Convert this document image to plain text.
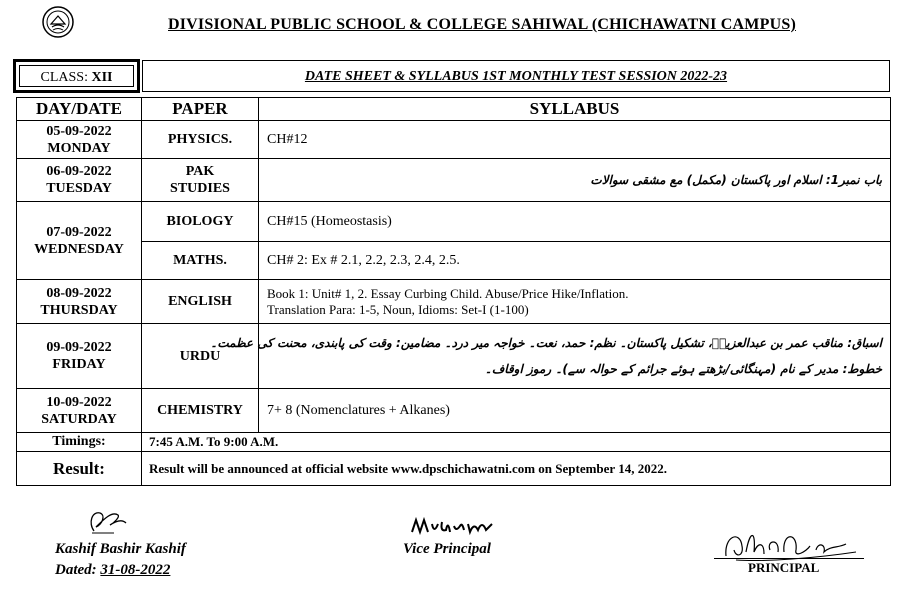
DIVISIONAL PUBLIC SCHOOL & COLLEGE SAHIWAL (CHICHAWATNI CAMPUS)
CLASS: XII	DATE SHEET & SYLLABUS 1ST MONTHLY TEST SESSION 2022-23
DAY/DATE	PAPER	SYLLABUS
05-09-2022
MONDAY	PHYSICS.	CH#12
06-09-2022
TUESDAY	PAK STUDIES	باب نمبر1: اسلام اور پاکستان (مکمل) مع مشقی سوالات

07-09-2022
WEDNESDAY	BIOLOGY	CH#15 (Homeostasis)
	MATHS.	CH# 2: Ex # 2.1, 2.2, 2.3, 2.4, 2.5.
08-09-2022
THURSDAY	ENGLISH	Book 1: Unit# 1, 2. Essay Curbing Child. Abuse/Price Hike/Inflation.
Translation Para: 1-5, Noun, Idioms: Set-I (1-100)
09-09-2022
FRIDAY	URDU	اسباق: مناقب عمر بن عبدالعزیزؒ، تشکیل پاکستان۔ نظم: حمد، نعت۔ خواجہ میر درد۔ مضامین: وقت کی پابندی، محنت کی عظمت۔
خطوط: مدیر کے نام (مہنگائی/بڑھتے ہوئے جرائم کے حوالہ سے)۔ رموز اوقاف۔

10-09-2022
SATURDAY	CHEMISTRY	7+ 8 (Nomenclatures + Alkanes)
Timings:	7:45 A.M. To 9:00 A.M.	
Result:	Result will be announced at official website www.dpschichawatni.com on September 14, 2022.	
Kashif Bashir Kashif
Dated: 31-08-2022
Vice Principal
PRINCIPAL
